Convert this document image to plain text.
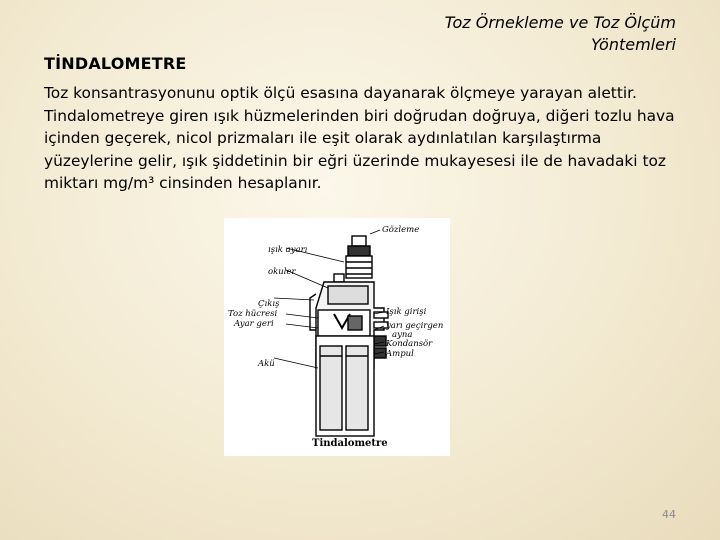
Toz Örnekleme ve Toz Ölçüm
Yöntemleri
TİNDALOMETRE
Toz konsantrasyonunu optik ölçü esasına dayanarak ölçmeye yarayan alettir. Tindalometreye giren ışık hüzmelerinden biri doğrudan doğruya, diğeri tozlu hava içinden geçerek, nicol prizmaları ile eşit olarak aydınlatılan karşılaştırma yüzeylerine gelir, ışık şiddetinin bir eğri üzerinde mukayesesi ile de havadaki toz miktarı mg/m³ cinsinden hesaplanır.
ışık ayarı
okuler
Çıkış
Toz hücresi
Ayar geri
Akü
Gözleme
Işık girişi
yarı geçirgen
ayna
Kondansör
Ampul
Tindalometre
44
